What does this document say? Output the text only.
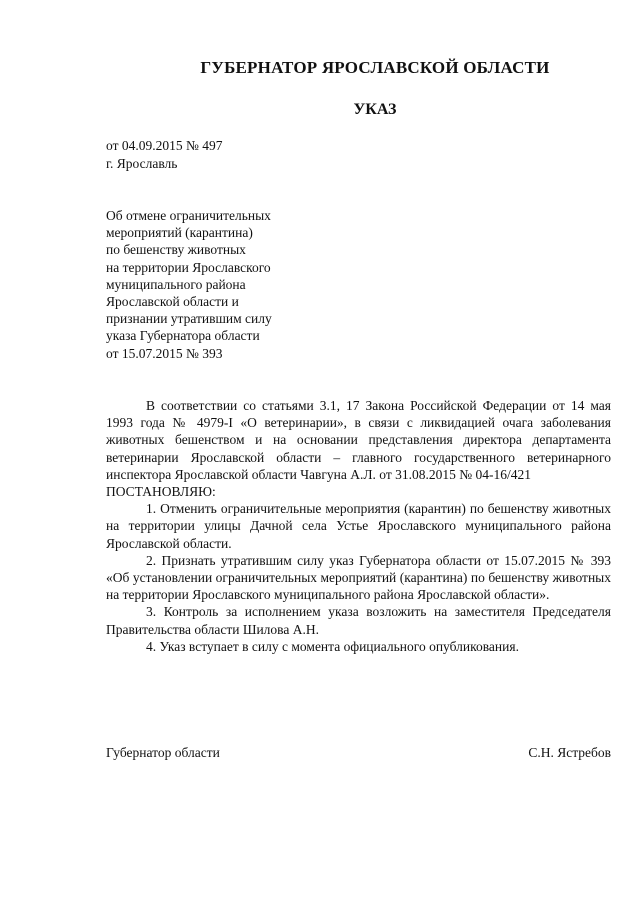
ГУБЕРНАТОР ЯРОСЛАВСКОЙ ОБЛАСТИ
УКАЗ
от 04.09.2015 № 497
г. Ярославль
Об отмене ограничительных
мероприятий (карантина)
по бешенству животных
на территории Ярославского
муниципального района
Ярославской области и
признании утратившим силу
указа Губернатора области
от 15.07.2015 № 393

В соответствии со статьями 3.1, 17 Закона Российской Федерации от 14 мая 1993 года № 4979-I «О ветеринарии», в связи с ликвидацией очага заболевания животных бешенством и на основании представления директора департамента ветеринарии Ярославской области – главного государственного ветеринарного инспектора Ярославской области Чавгуна А.Л. от 31.08.2015 № 04-16/421

ПОСТАНОВЛЯЮ:

1. Отменить ограничительные мероприятия (карантин) по бешенству животных на территории улицы Дачной села Устье Ярославского муниципального района Ярославской области.

2. Признать утратившим силу указ Губернатора области от 15.07.2015 № 393 «Об установлении ограничительных мероприятий (карантина) по бешенству животных на территории Ярославского муниципального района Ярославской области».

3. Контроль за исполнением указа возложить на заместителя Председателя Правительства области Шилова А.Н.

4. Указ вступает в силу с момента официального опубликования.

Губернатор области	С.Н. Ястребов
